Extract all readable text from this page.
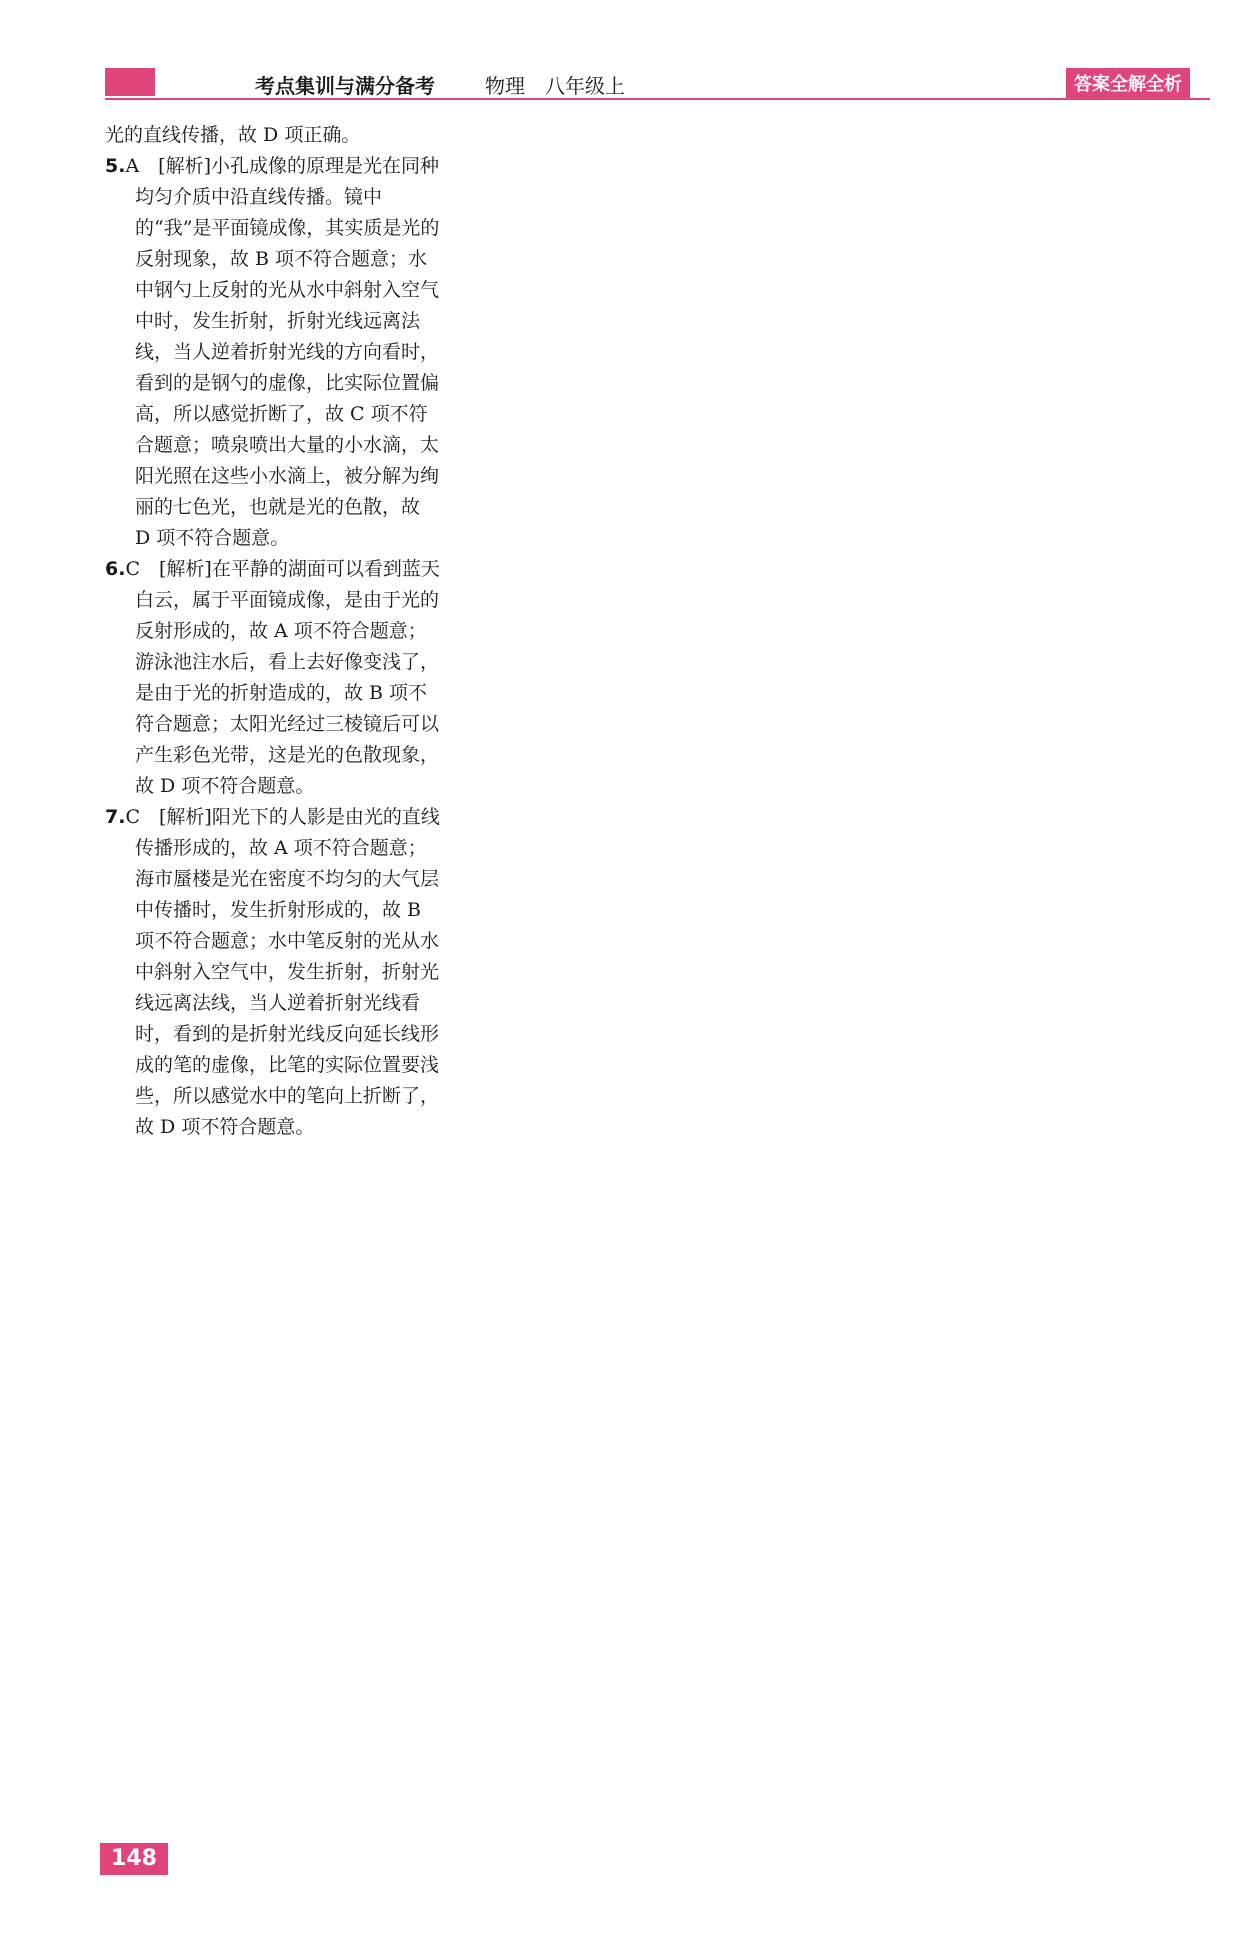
考点集训与满分备考	物理　八年级上	答案全解全析

光的直线传播，故 D 项正确。

5.A　[解析]小孔成像的原理是光在同种均匀介质中沿直线传播。镜中的“我”是平面镜成像，其实质是光的反射现象，故 B 项不符合题意；水中钢勺上反射的光从水中斜射入空气中时，发生折射，折射光线远离法线，当人逆着折射光线的方向看时，看到的是钢勺的虚像，比实际位置偏高，所以感觉折断了，故 C 项不符合题意；喷泉喷出大量的小水滴，太阳光照在这些小水滴上，被分解为绚丽的七色光，也就是光的色散，故 D 项不符合题意。

6.C　[解析]在平静的湖面可以看到蓝天白云，属于平面镜成像，是由于光的反射形成的，故 A 项不符合题意；游泳池注水后，看上去好像变浅了，是由于光的折射造成的，故 B 项不符合题意；太阳光经过三棱镜后可以产生彩色光带，这是光的色散现象，故 D 项不符合题意。

7.C　[解析]阳光下的人影是由光的直线传播形成的，故 A 项不符合题意；海市蜃楼是光在密度不均匀的大气层中传播时，发生折射形成的，故 B 项不符合题意；水中笔反射的光从水中斜射入空气中，发生折射，折射光线远离法线，当人逆着折射光线看时，看到的是折射光线反向延长线形成的笔的虚像，比笔的实际位置要浅些，所以感觉水中的笔向上折断了，故 D 项不符合题意。

148
